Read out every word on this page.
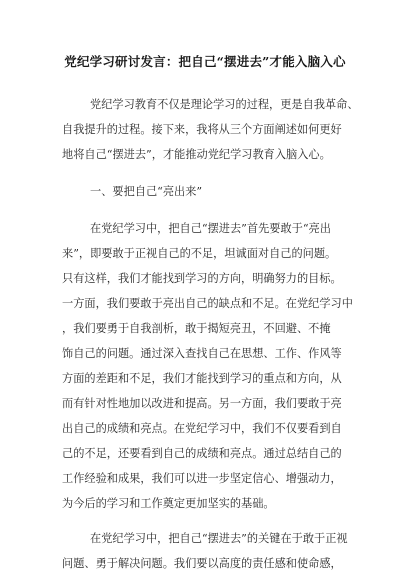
党纪学习研讨发言：把自己“摆进去”才能入脑入心
党纪学习教育不仅是理论学习的过程，更是自我革命、
自我提升的过程。接下来，我将从三个方面阐述如何更好
地将自己“摆进去”，才能推动党纪学习教育入脑入心。
一、要把自己“亮出来”
在党纪学习中，把自己“摆进去”首先要敢于“亮出
来”，即要敢于正视自己的不足，坦诚面对自己的问题。
只有这样，我们才能找到学习的方向，明确努力的目标。
一方面，我们要敢于亮出自己的缺点和不足。在党纪学习中
，我们要勇于自我剖析，敢于揭短亮丑，不回避、不掩
饰自己的问题。通过深入查找自己在思想、工作、作风等
方面的差距和不足，我们才能找到学习的重点和方向，从
而有针对性地加以改进和提高。另一方面，我们要敢于亮
出自己的成绩和亮点。在党纪学习中，我们不仅要看到自
己的不足，还要看到自己的成绩和亮点。通过总结自己的
工作经验和成果，我们可以进一步坚定信心、增强动力，
为今后的学习和工作奠定更加坚实的基础。
在党纪学习中，把自己“摆进去”的关键在于敢于正视
问题、勇于解决问题。我们要以高度的责任感和使命感，
